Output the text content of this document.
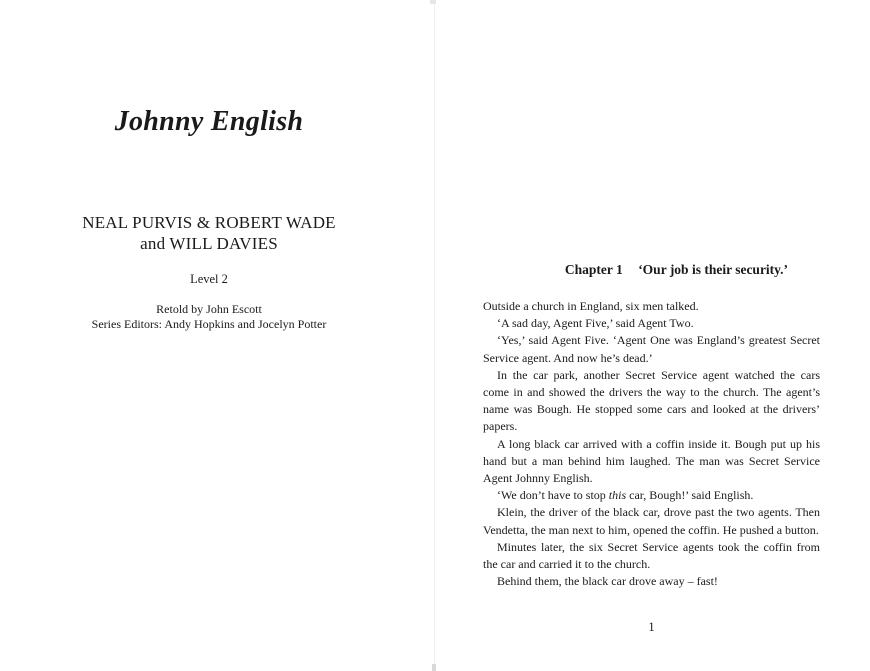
Johnny English
NEAL PURVIS & ROBERT WADE
and WILL DAVIES
Level 2
Retold by John Escott
Series Editors: Andy Hopkins and Jocelyn Potter
Chapter 1 ‘Our job is their security.’

Outside a church in England, six men talked.

‘A sad day, Agent Five,’ said Agent Two.

‘Yes,’ said Agent Five. ‘Agent One was England’s greatest Secret Service agent. And now he’s dead.’

In the car park, another Secret Service agent watched the cars come in and showed the drivers the way to the church. The agent’s name was Bough. He stopped some cars and looked at the drivers’ papers.

A long black car arrived with a coffin inside it. Bough put up his hand but a man behind him laughed. The man was Secret Service Agent Johnny English.

‘We don’t have to stop this car, Bough!’ said English.

Klein, the driver of the black car, drove past the two agents. Then Vendetta, the man next to him, opened the coffin. He pushed a button.

Minutes later, the six Secret Service agents took the coffin from the car and carried it to the church.

Behind them, the black car drove away – fast!

1
